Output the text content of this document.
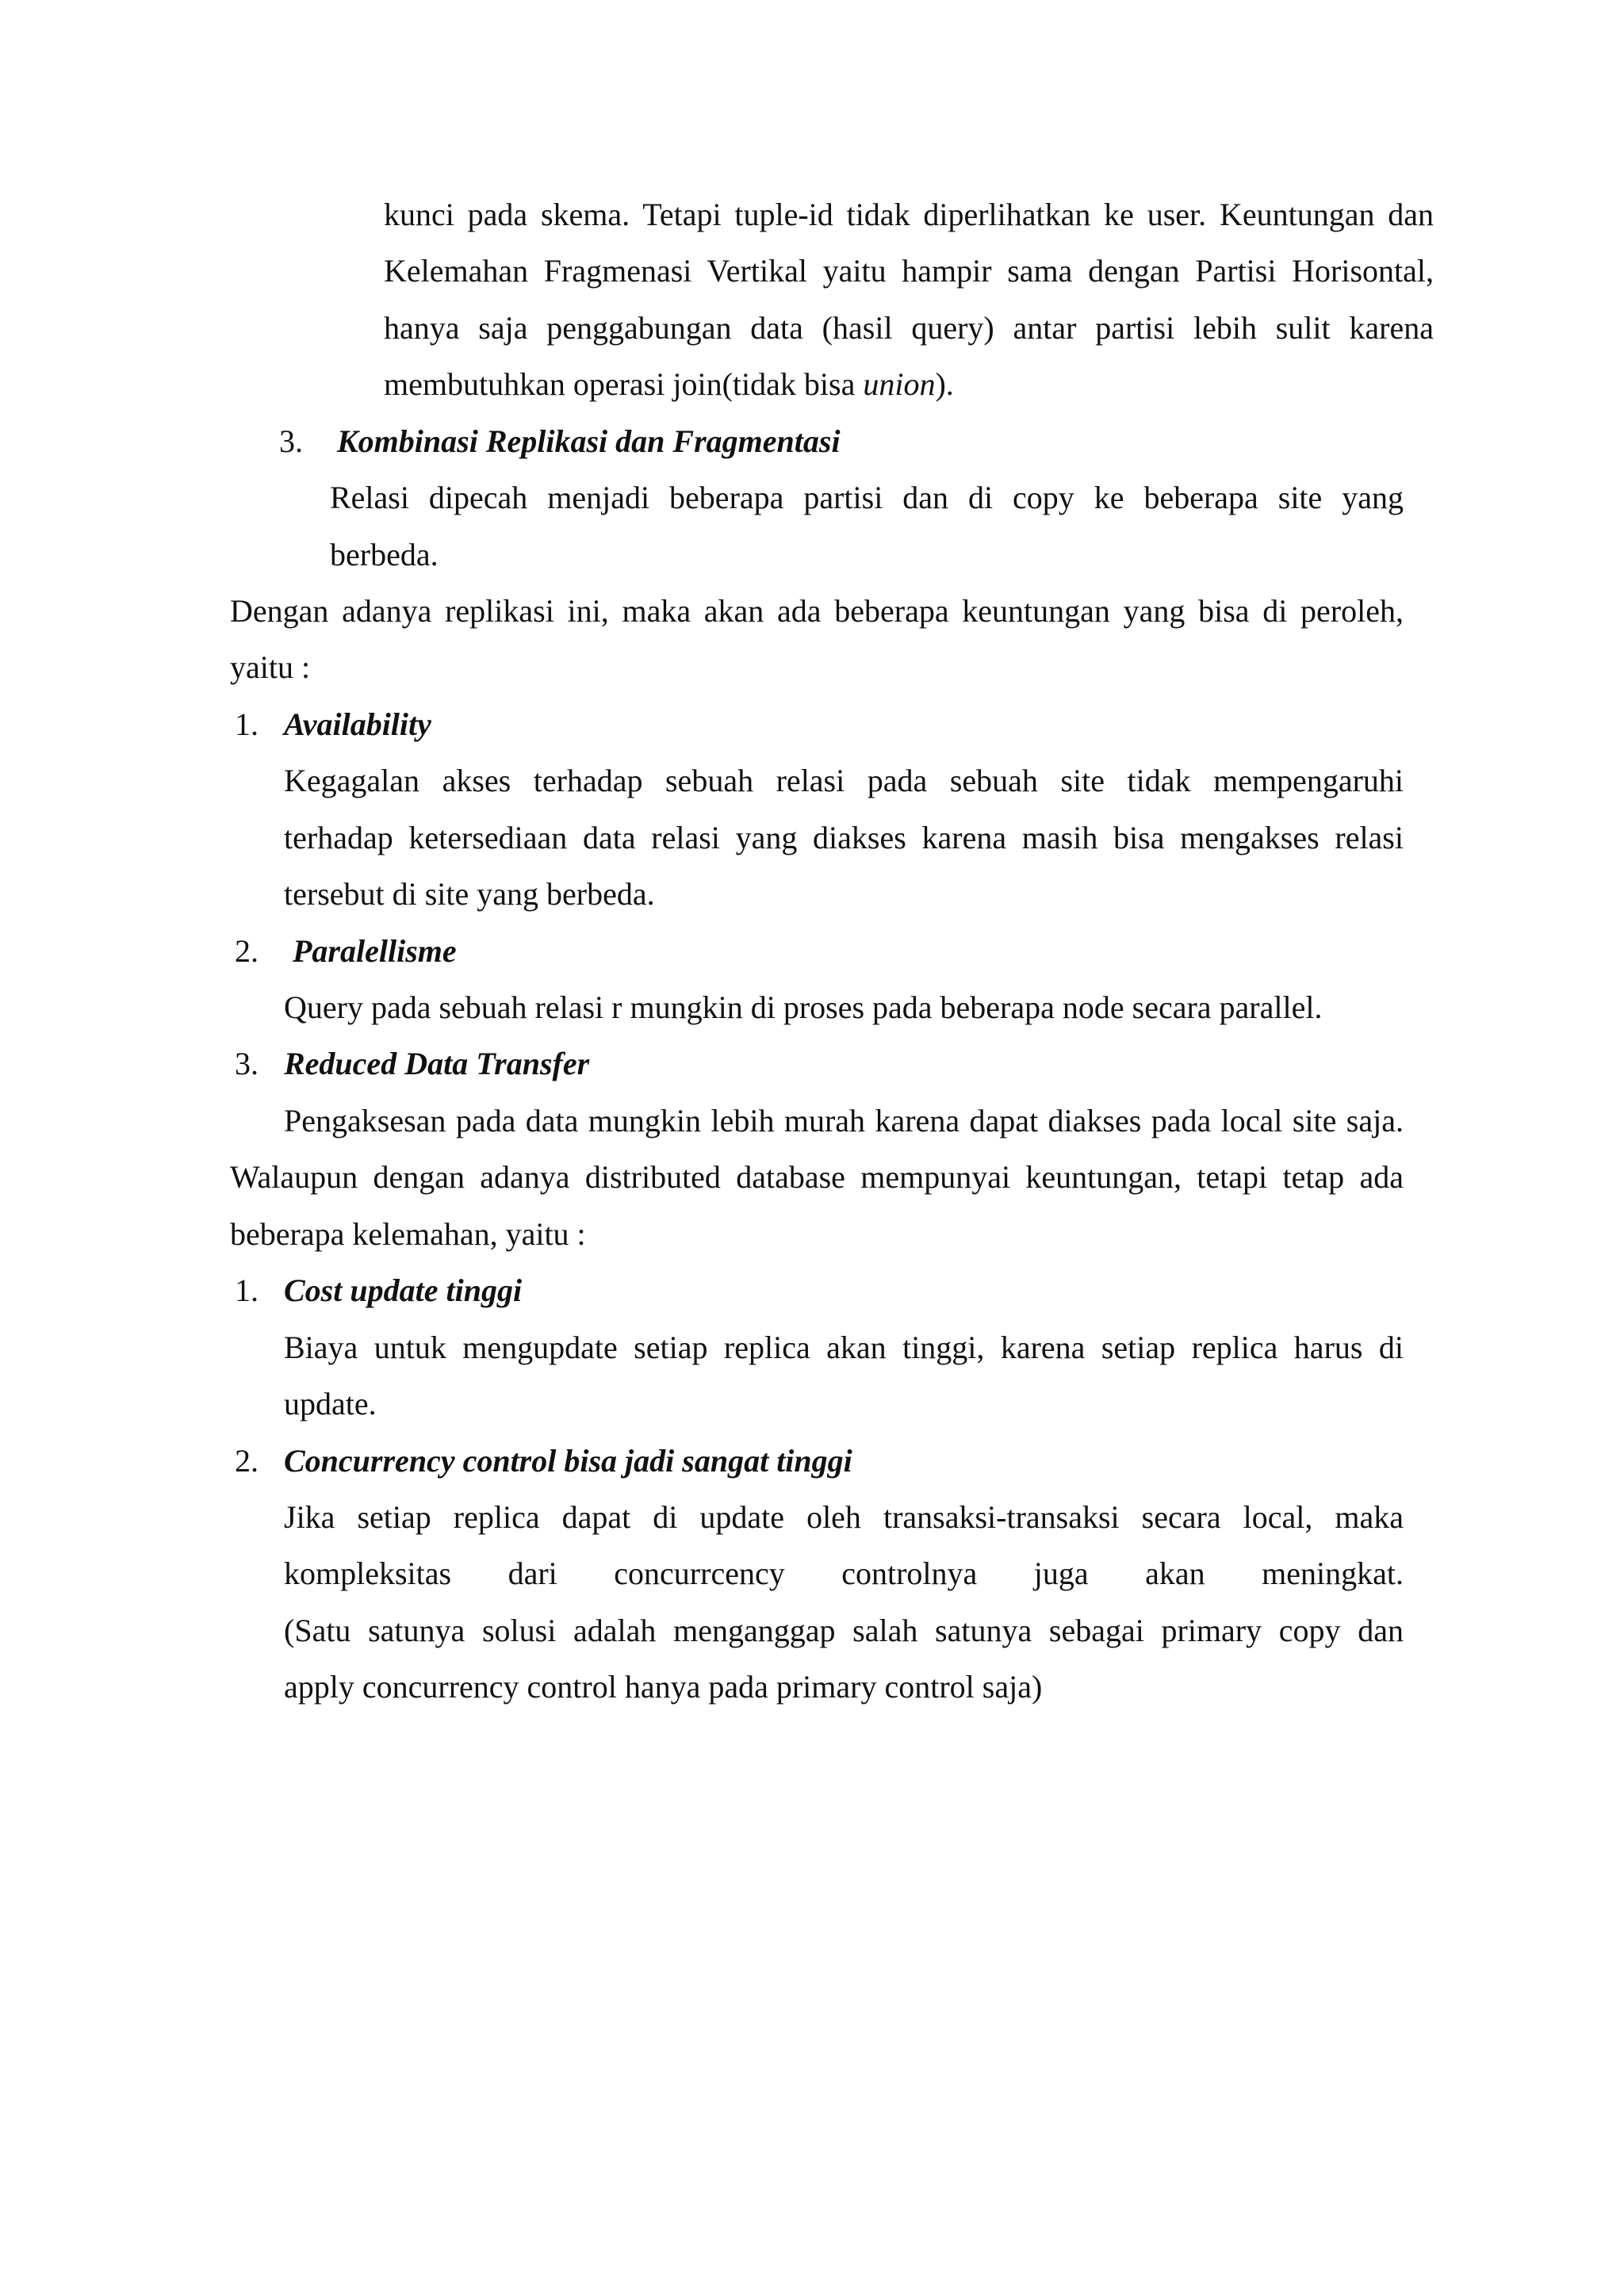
kunci pada skema. Tetapi tuple-id tidak diperlihatkan ke user. Keuntungan dan
Kelemahan Fragmenasi Vertikal yaitu hampir sama dengan Partisi Horisontal,
hanya saja penggabungan data (hasil query) antar partisi lebih sulit karena
membutuhkan operasi join(tidak bisa union).
3. Kombinasi Replikasi dan Fragmentasi
Relasi dipecah menjadi beberapa partisi dan di copy ke beberapa site yang
berbeda.
Dengan adanya replikasi ini, maka akan ada beberapa keuntungan yang bisa di peroleh,
yaitu :
1. Availability
Kegagalan akses terhadap sebuah relasi pada sebuah site tidak mempengaruhi
terhadap ketersediaan data relasi yang diakses karena masih bisa mengakses relasi
tersebut di site yang berbeda.
2. Paralellisme
Query pada sebuah relasi r mungkin di proses pada beberapa node secara parallel.
3. Reduced Data Transfer
Pengaksesan pada data mungkin lebih murah karena dapat diakses pada local site saja.
Walaupun dengan adanya distributed database mempunyai keuntungan, tetapi tetap ada
beberapa kelemahan, yaitu :
1. Cost update tinggi
Biaya untuk mengupdate setiap replica akan tinggi, karena setiap replica harus di
update.
2. Concurrency control bisa jadi sangat tinggi
Jika setiap replica dapat di update oleh transaksi-transaksi secara local, maka
kompleksitas dari concurrcency controlnya juga akan meningkat.
(Satu satunya solusi adalah menganggap salah satunya sebagai primary copy dan
apply concurrency control hanya pada primary control saja)
